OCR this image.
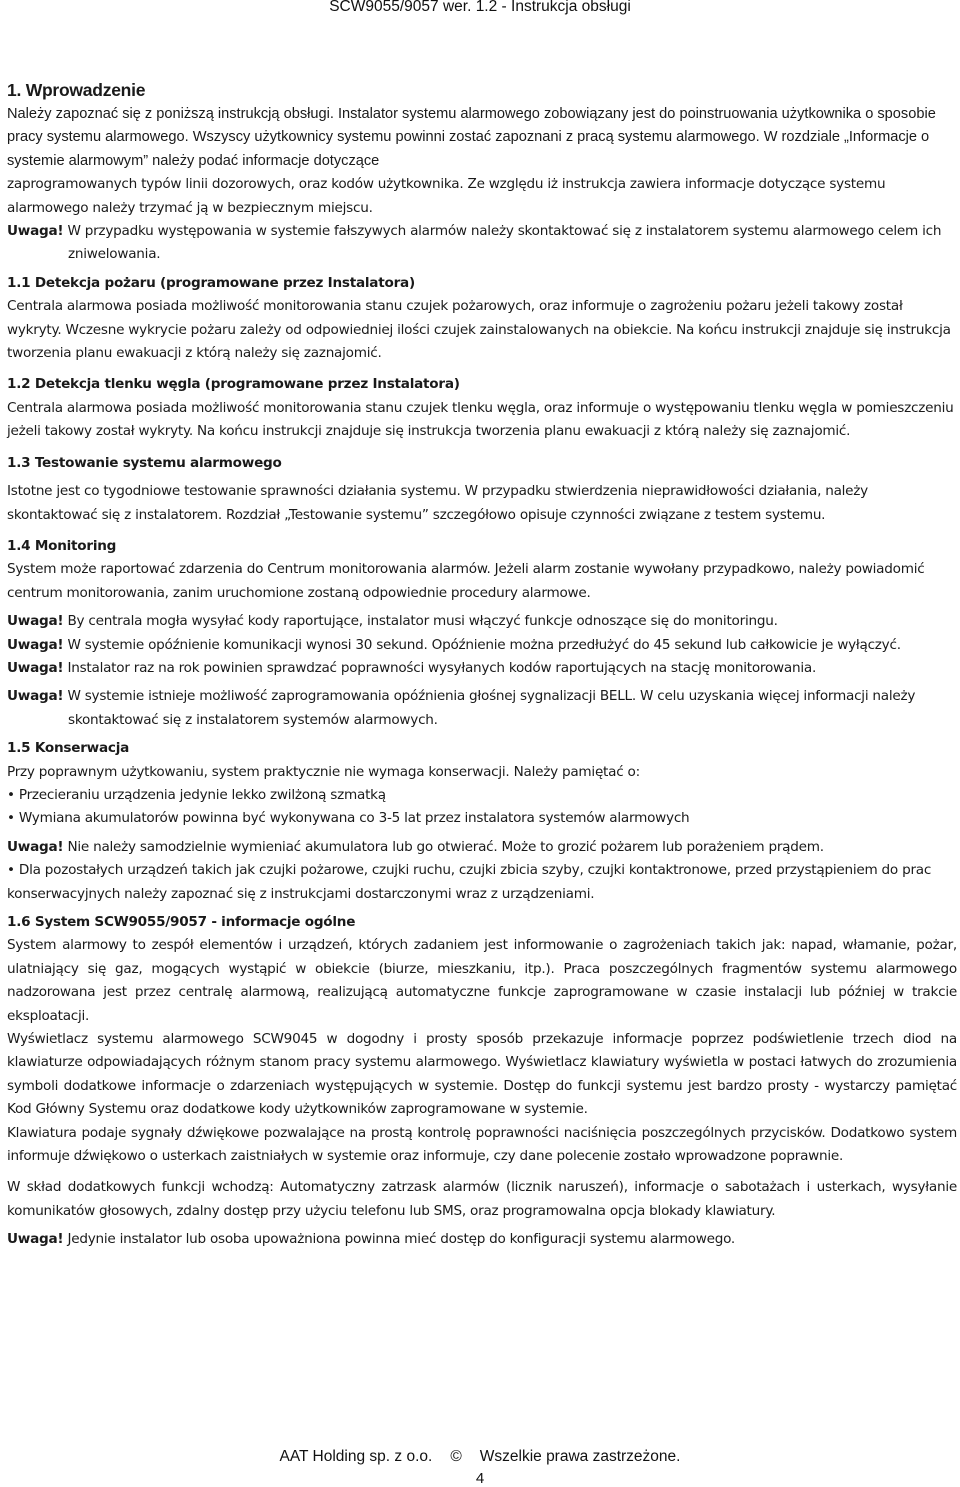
SCW9055/9057 wer. 1.2 - Instrukcja obsługi
1. Wprowadzenie

Należy zapoznać się z poniższą instrukcją obsługi. Instalator systemu alarmowego zobowiązany jest do poinstruowania użytkownika o sposobie pracy systemu alarmowego. Wszyscy użytkownicy systemu powinni zostać zapoznani z pracą systemu alarmowego. W rozdziale „Informacje o systemie alarmowym” należy podać informacje dotyczące
zaprogramowanych typów linii dozorowych, oraz kodów użytkownika. Ze względu iż instrukcja zawiera informacje dotyczące systemu alarmowego należy trzymać ją w bezpiecznym miejscu.

Uwaga! W przypadku występowania w systemie fałszywych alarmów należy skontaktować się z instalatorem systemu alarmowego celem ich zniwelowania.

1.1 Detekcja pożaru (programowane przez Instalatora)

Centrala alarmowa posiada możliwość monitorowania stanu czujek pożarowych, oraz informuje o zagrożeniu pożaru jeżeli takowy został wykryty. Wczesne wykrycie pożaru zależy od odpowiedniej ilości czujek zainstalowanych na obiekcie. Na końcu instrukcji znajduje się instrukcja tworzenia planu ewakuacji z którą należy się zaznajomić.

1.2 Detekcja tlenku węgla (programowane przez Instalatora)

Centrala alarmowa posiada możliwość monitorowania stanu czujek tlenku węgla, oraz informuje o występowaniu tlenku węgla w pomieszczeniu jeżeli takowy został wykryty. Na końcu instrukcji znajduje się instrukcja tworzenia planu ewakuacji z którą należy się zaznajomić.

1.3 Testowanie systemu alarmowego

Istotne jest co tygodniowe testowanie sprawności działania systemu. W przypadku stwierdzenia nieprawidłowości działania, należy skontaktować się z instalatorem. Rozdział „Testowanie systemu” szczegółowo opisuje czynności związane z testem systemu.

1.4 Monitoring

System może raportować zdarzenia do Centrum monitorowania alarmów. Jeżeli alarm zostanie wywołany przypadkowo, należy powiadomić centrum monitorowania, zanim uruchomione zostaną odpowiednie procedury alarmowe.

Uwaga! By centrala mogła wysyłać kody raportujące, instalator musi włączyć funkcje odnoszące się do monitoringu.

Uwaga! W systemie opóźnienie komunikacji wynosi 30 sekund. Opóźnienie można przedłużyć do 45 sekund lub całkowicie je wyłączyć.

Uwaga! Instalator raz na rok powinien sprawdzać poprawności wysyłanych kodów raportujących na stację monitorowania.

Uwaga! W systemie istnieje możliwość zaprogramowania opóźnienia głośnej sygnalizacji BELL. W celu uzyskania więcej informacji należy skontaktować się z instalatorem systemów alarmowych.

1.5 Konserwacja

Przy poprawnym użytkowaniu, system praktycznie nie wymaga konserwacji. Należy pamiętać o:

• Przecieraniu urządzenia jedynie lekko zwilżoną szmatką

• Wymiana akumulatorów powinna być wykonywana co 3-5 lat przez instalatora systemów alarmowych

Uwaga! Nie należy samodzielnie wymieniać akumulatora lub go otwierać. Może to grozić pożarem lub porażeniem prądem.

• Dla pozostałych urządzeń takich jak czujki pożarowe, czujki ruchu, czujki zbicia szyby, czujki kontaktronowe, przed przystąpieniem do prac konserwacyjnych należy zapoznać się z instrukcjami dostarczonymi wraz z urządzeniami.

1.6 System SCW9055/9057 - informacje ogólne

System alarmowy to zespół elementów i urządzeń, których zadaniem jest informowanie o zagrożeniach takich jak: napad, włamanie, pożar, ulatniający się gaz, mogących wystąpić w obiekcie (biurze, mieszkaniu, itp.). Praca poszczególnych fragmentów systemu alarmowego nadzorowana jest przez centralę alarmową, realizującą automatyczne funkcje zaprogramowane w czasie instalacji lub później w trakcie eksploatacji.

Wyświetlacz systemu alarmowego SCW9045 w dogodny i prosty sposób przekazuje informacje poprzez podświetlenie trzech diod na klawiaturze odpowiadających różnym stanom pracy systemu alarmowego. Wyświetlacz klawiatury wyświetla w postaci łatwych do zrozumienia symboli dodatkowe informacje o zdarzeniach występujących w systemie. Dostęp do funkcji systemu jest bardzo prosty - wystarczy pamiętać Kod Główny Systemu oraz dodatkowe kody użytkowników zaprogramowane w systemie.

Klawiatura podaje sygnały dźwiękowe pozwalające na prostą kontrolę poprawności naciśnięcia poszczególnych przycisków. Dodatkowo system informuje dźwiękowo o usterkach zaistniałych w systemie oraz informuje, czy dane polecenie zostało wprowadzone poprawnie.

W skład dodatkowych funkcji wchodzą: Automatyczny zatrzask alarmów (licznik naruszeń), informacje o sabotażach i usterkach, wysyłanie komunikatów głosowych, zdalny dostęp przy użyciu telefonu lub SMS, oraz programowalna opcja blokady klawiatury.

Uwaga! Jedynie instalator lub osoba upoważniona powinna mieć dostęp do konfiguracji systemu alarmowego.

AAT Holding sp. z o.o. © Wszelkie prawa zastrzeżone.
4
